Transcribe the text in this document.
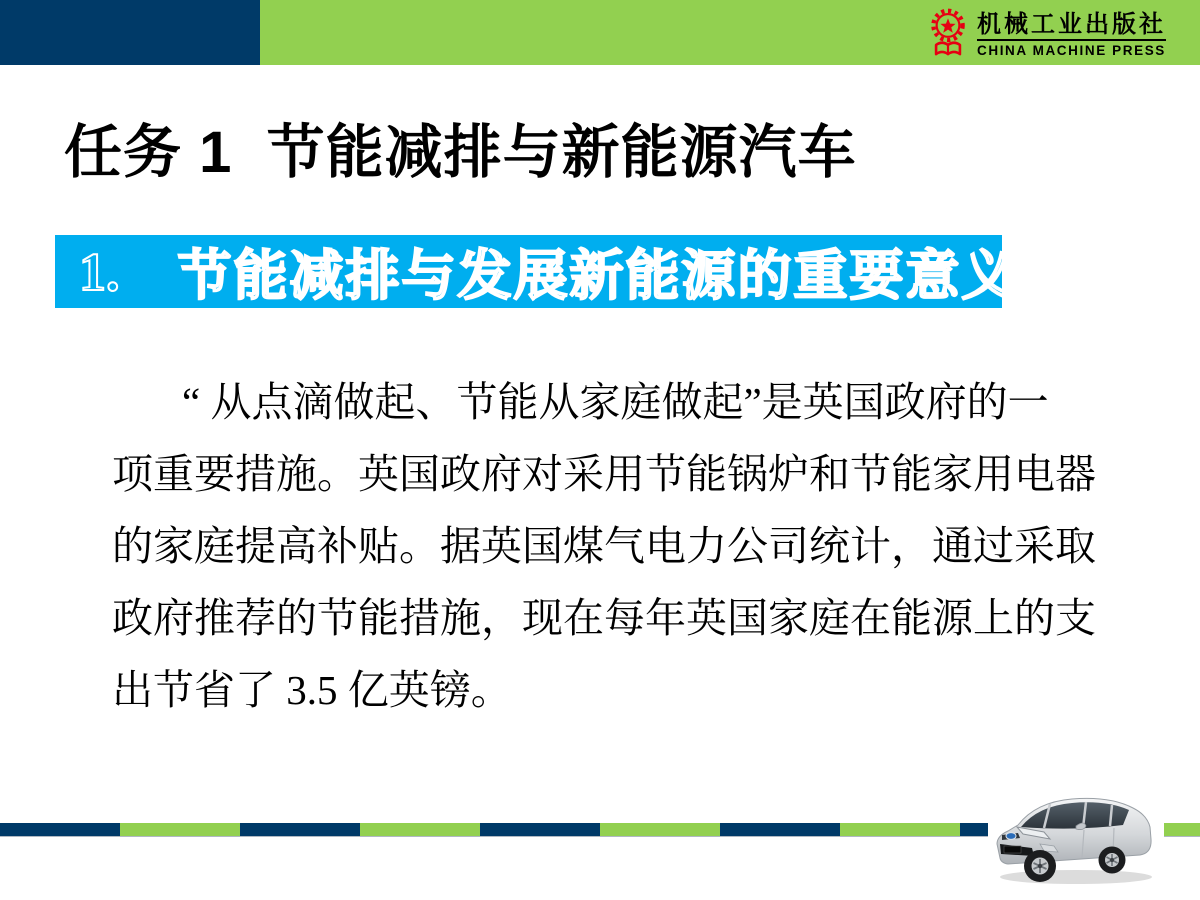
机械工业出版社
CHINA MACHINE PRESS
任务 1  节能减排与新能源汽车
1. 节能减排与发展新能源的重要意义

“ 从点滴做起、节能从家庭做起”是英国政府的一

项重要措施。英国政府对采用节能锅炉和节能家用电器

的家庭提高补贴。据英国煤气电力公司统计，通过采取

政府推荐的节能措施，现在每年英国家庭在能源上的支

出节省了 3.5 亿英镑。
